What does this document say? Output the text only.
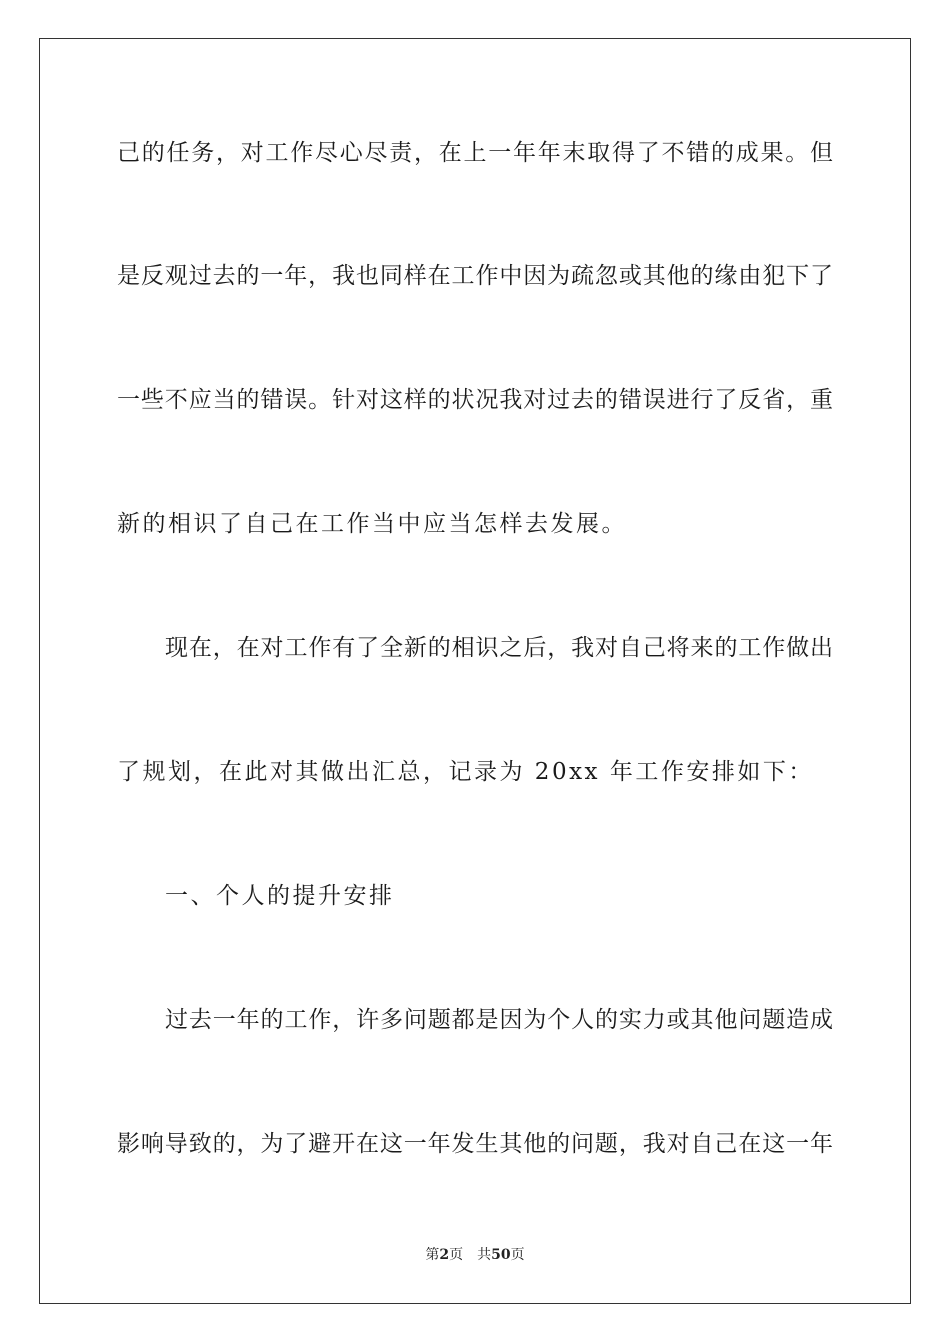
己的任务，对工作尽心尽责，在上一年年末取得了不错的成果。但
是反观过去的一年，我也同样在工作中因为疏忽或其他的缘由犯下了
一些不应当的错误。针对这样的状况我对过去的错误进行了反省，重
新的相识了自己在工作当中应当怎样去发展。
现在，在对工作有了全新的相识之后，我对自己将来的工作做出
了规划，在此对其做出汇总，记录为 20xx 年工作安排如下：
一、个人的提升安排
过去一年的工作，许多问题都是因为个人的实力或其他问题造成
影响导致的，为了避开在这一年发生其他的问题，我对自己在这一年
第2页 共50页
